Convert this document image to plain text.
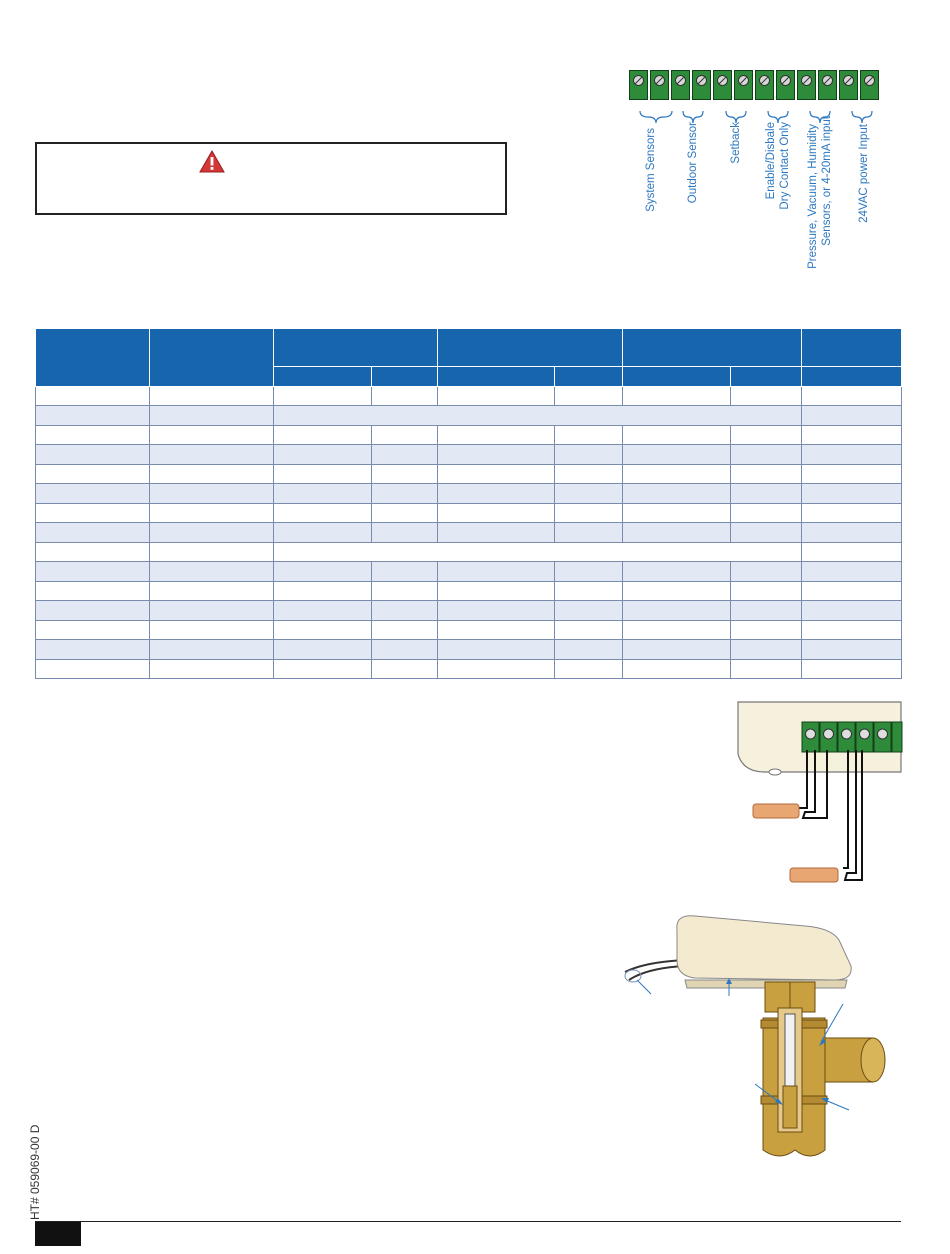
System Sensors	Outdoor Sensor	Setback Enable/Disbale Dry Contact Only Pressure, Vacuum, Humidity Sensors, or 4-20mA input 24VAC power Input

HT# 059069-00 D
